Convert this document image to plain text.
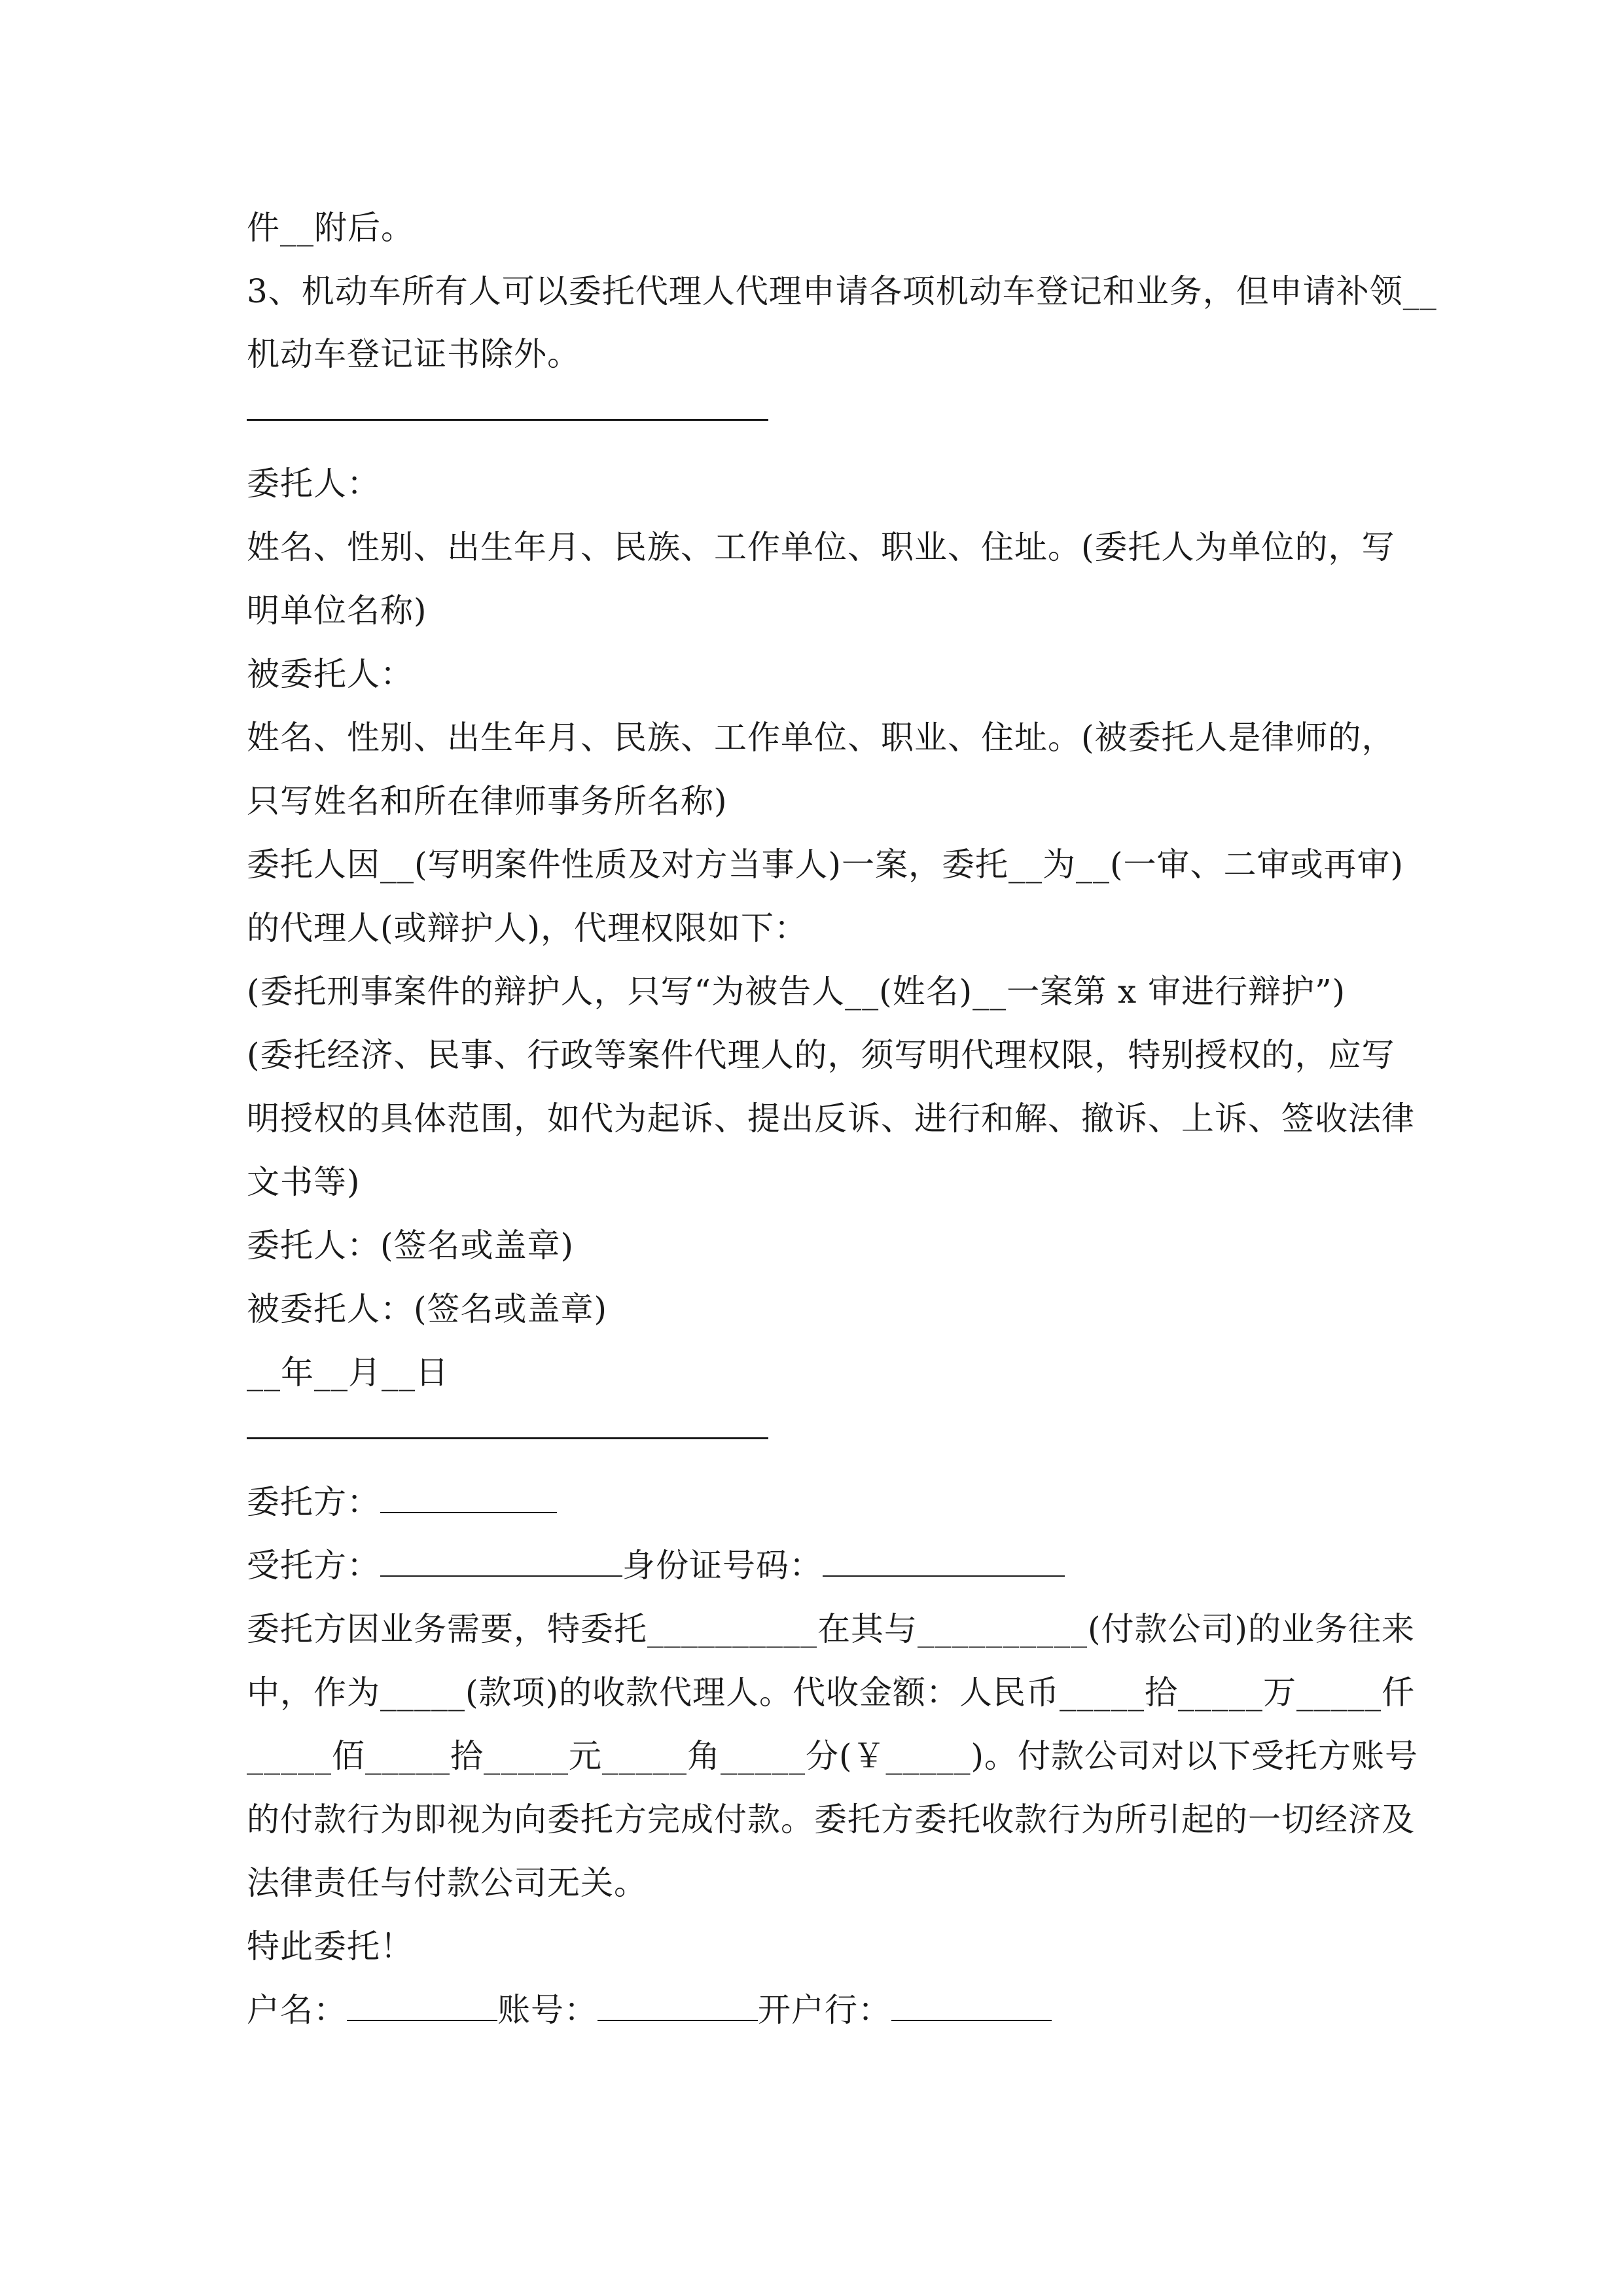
件__附后。
3、机动车所有人可以委托代理人代理申请各项机动车登记和业务，但申请补领__
机动车登记证书除外。
委托人：
姓名、性别、出生年月、民族、工作单位、职业、住址。(委托人为单位的，写
明单位名称)
被委托人：
姓名、性别、出生年月、民族、工作单位、职业、住址。(被委托人是律师的，
只写姓名和所在律师事务所名称)
委托人因__(写明案件性质及对方当事人)一案，委托__为__(一审、二审或再审)
的代理人(或辩护人)，代理权限如下：
(委托刑事案件的辩护人，只写“为被告人__(姓名)__一案第 x 审进行辩护”)
(委托经济、民事、行政等案件代理人的，须写明代理权限，特别授权的，应写
明授权的具体范围，如代为起诉、提出反诉、进行和解、撤诉、上诉、签收法律
文书等)
委托人：(签名或盖章)
被委托人：(签名或盖章)
__年__月__日
委托方：
受托方：	身份证号码：
委托方因业务需要，特委托__________在其与__________(付款公司)的业务往来
中，作为_____(款项)的收款代理人。代收金额：人民币_____拾_____万_____仟
_____佰_____拾_____元_____角_____分(￥_____)。付款公司对以下受托方账号
的付款行为即视为向委托方完成付款。委托方委托收款行为所引起的一切经济及
法律责任与付款公司无关。
特此委托！
户名：	账号：	开户行：
